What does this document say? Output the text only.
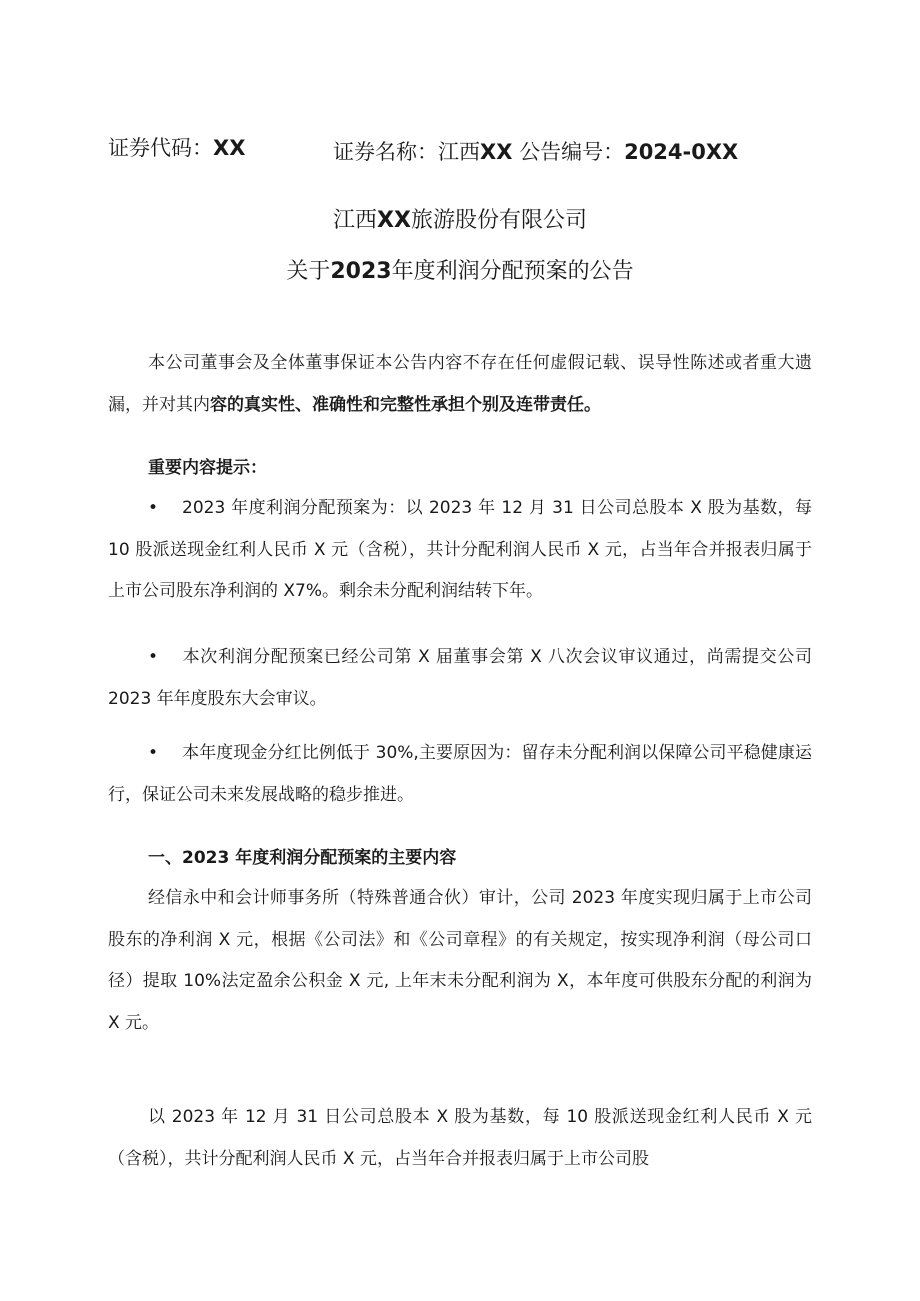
证券代码：XX	证券名称：江西XX 公告编号：2024-0XX
江西XX旅游股份有限公司
关于2023年度利润分配预案的公告
本公司董事会及全体董事保证本公告内容不存在任何虚假记载、误导性陈述或者重大遗漏，并对其内容的真实性、准确性和完整性承担个别及连带责任。
重要内容提示：
• 2023 年度利润分配预案为：以 2023 年 12 月 31 日公司总股本 X 股为基数，每 10 股派送现金红利人民币 X 元（含税），共计分配利润人民币 X 元，占当年合并报表归属于上市公司股东净利润的 X7%。剩余未分配利润结转下年。
• 本次利润分配预案已经公司第 X 届董事会第 X 八次会议审议通过，尚需提交公司 2023 年年度股东大会审议。
• 本年度现金分红比例低于 30%,主要原因为：留存未分配利润以保障公司平稳健康运行，保证公司未来发展战略的稳步推进。
一、2023 年度利润分配预案的主要内容
经信永中和会计师事务所（特殊普通合伙）审计，公司 2023 年度实现归属于上市公司股东的净利润 X 元，根据《公司法》和《公司章程》的有关规定，按实现净利润（母公司口径）提取 10%法定盈余公积金 X 元, 上年末未分配利润为 X，本年度可供股东分配的利润为 X 元。
以 2023 年 12 月 31 日公司总股本 X 股为基数，每 10 股派送现金红利人民币 X 元（含税），共计分配利润人民币 X 元，占当年合并报表归属于上市公司股
